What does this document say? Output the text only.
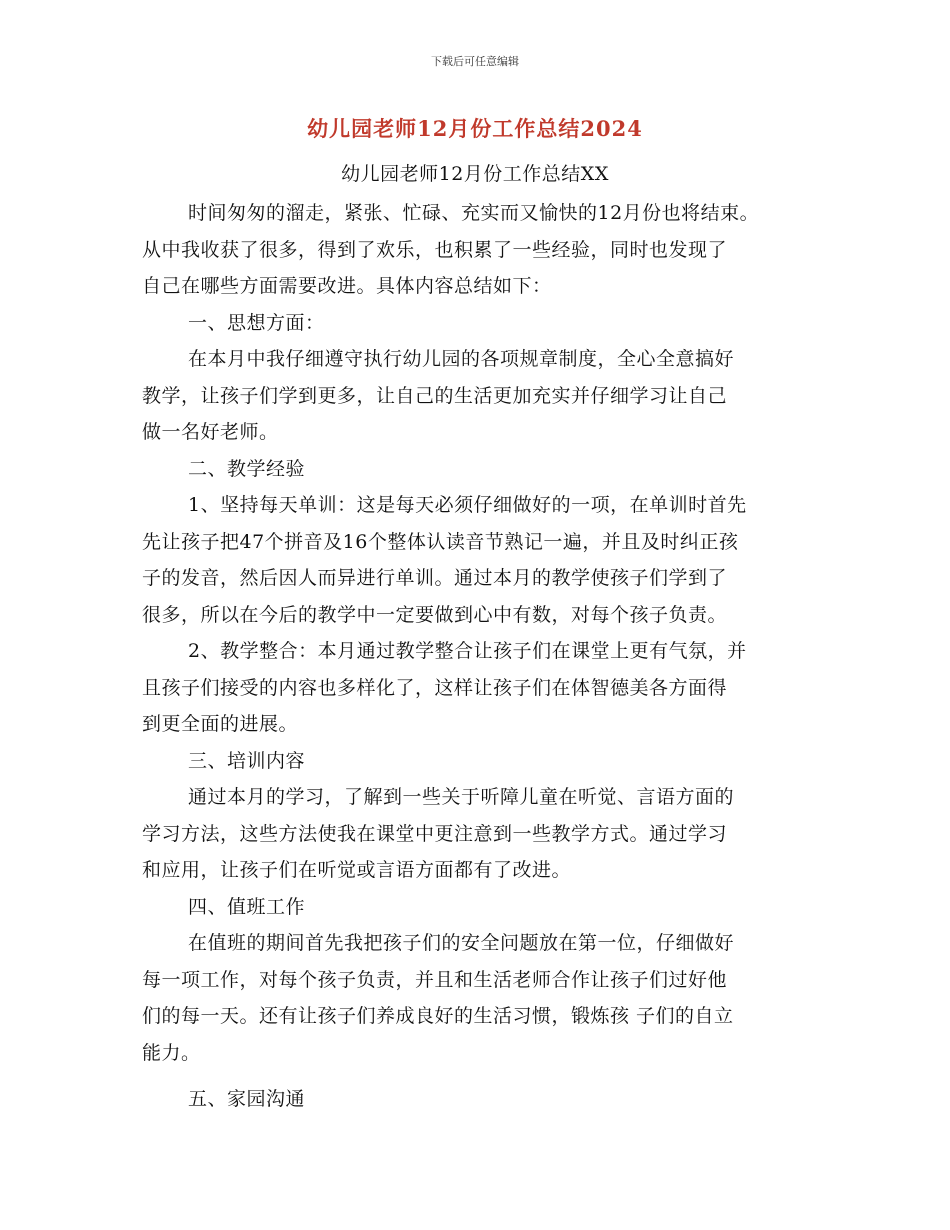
下载后可任意编辑
幼儿园老师12月份工作总结2024
幼儿园老师12月份工作总结XX
时间匆匆的溜走，紧张、忙碌、充实而又愉快的12月份也将结束。
从中我收获了很多，得到了欢乐，也积累了一些经验，同时也发现了
自己在哪些方面需要改进。具体内容总结如下：
一、思想方面：
在本月中我仔细遵守执行幼儿园的各项规章制度，全心全意搞好
教学，让孩子们学到更多，让自己的生活更加充实并仔细学习让自己
做一名好老师。
二、教学经验
1、坚持每天单训：这是每天必须仔细做好的一项，在单训时首先
先让孩子把47个拼音及16个整体认读音节熟记一遍，并且及时纠正孩
子的发音，然后因人而异进行单训。通过本月的教学使孩子们学到了
很多，所以在今后的教学中一定要做到心中有数，对每个孩子负责。
2、教学整合：本月通过教学整合让孩子们在课堂上更有气氛，并
且孩子们接受的内容也多样化了，这样让孩子们在体智德美各方面得
到更全面的进展。
三、培训内容
通过本月的学习，了解到一些关于听障儿童在听觉、言语方面的
学习方法，这些方法使我在课堂中更注意到一些教学方式。通过学习
和应用，让孩子们在听觉或言语方面都有了改进。
四、值班工作
在值班的期间首先我把孩子们的安全问题放在第一位，仔细做好
每一项工作，对每个孩子负责，并且和生活老师合作让孩子们过好他
们的每一天。还有让孩子们养成良好的生活习惯，锻炼孩 子们的自立
能力。
五、家园沟通
